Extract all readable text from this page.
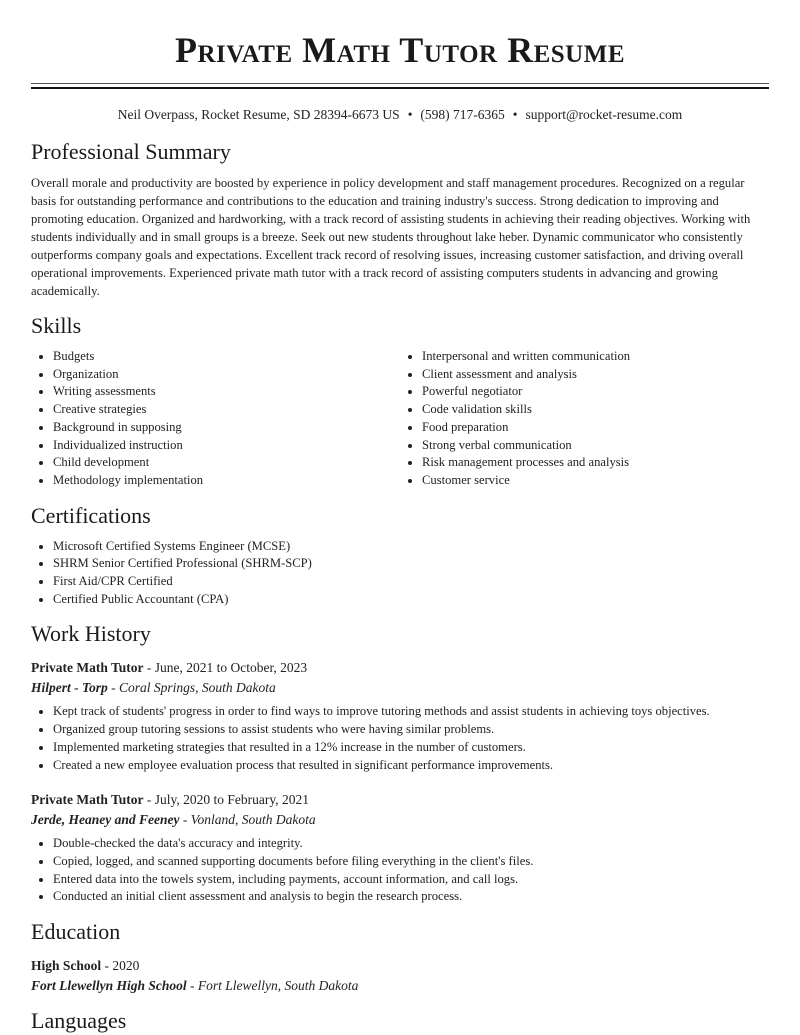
Private Math Tutor Resume
Neil Overpass, Rocket Resume, SD 28394-6673 US • (598) 717-6365 • support@rocket-resume.com
Professional Summary

Overall morale and productivity are boosted by experience in policy development and staff management procedures. Recognized on a regular basis for outstanding performance and contributions to the education and training industry's success. Strong dedication to improving and promoting education. Organized and hardworking, with a track record of assisting students in achieving their reading objectives. Working with students individually and in small groups is a breeze. Seek out new students throughout lake heber. Dynamic communicator who consistently outperforms company goals and expectations. Excellent track record of resolving issues, increasing customer satisfaction, and driving overall operational improvements. Experienced private math tutor with a track record of assisting computers students in advancing and growing academically.

Skills
• Budgets
• Organization
• Writing assessments
• Creative strategies
• Background in supposing
• Individualized instruction
• Child development
• Methodology implementation
• Interpersonal and written communication
• Client assessment and analysis
• Powerful negotiator
• Code validation skills
• Food preparation
• Strong verbal communication
• Risk management processes and analysis
• Customer service
Certifications
• Microsoft Certified Systems Engineer (MCSE)
• SHRM Senior Certified Professional (SHRM-SCP)
• First Aid/CPR Certified
• Certified Public Accountant (CPA)
Work History
Private Math Tutor - June, 2021 to October, 2023
Hilpert - Torp - Coral Springs, South Dakota
• Kept track of students' progress in order to find ways to improve tutoring methods and assist students in achieving toys objectives.
• Organized group tutoring sessions to assist students who were having similar problems.
• Implemented marketing strategies that resulted in a 12% increase in the number of customers.
• Created a new employee evaluation process that resulted in significant performance improvements.
Private Math Tutor - July, 2020 to February, 2021
Jerde, Heaney and Feeney - Vonland, South Dakota
• Double-checked the data's accuracy and integrity.
• Copied, logged, and scanned supporting documents before filing everything in the client's files.
• Entered data into the towels system, including payments, account information, and call logs.
• Conducted an initial client assessment and analysis to begin the research process.
Education
High School - 2020
Fort Llewellyn High School - Fort Llewellyn, South Dakota
Languages
